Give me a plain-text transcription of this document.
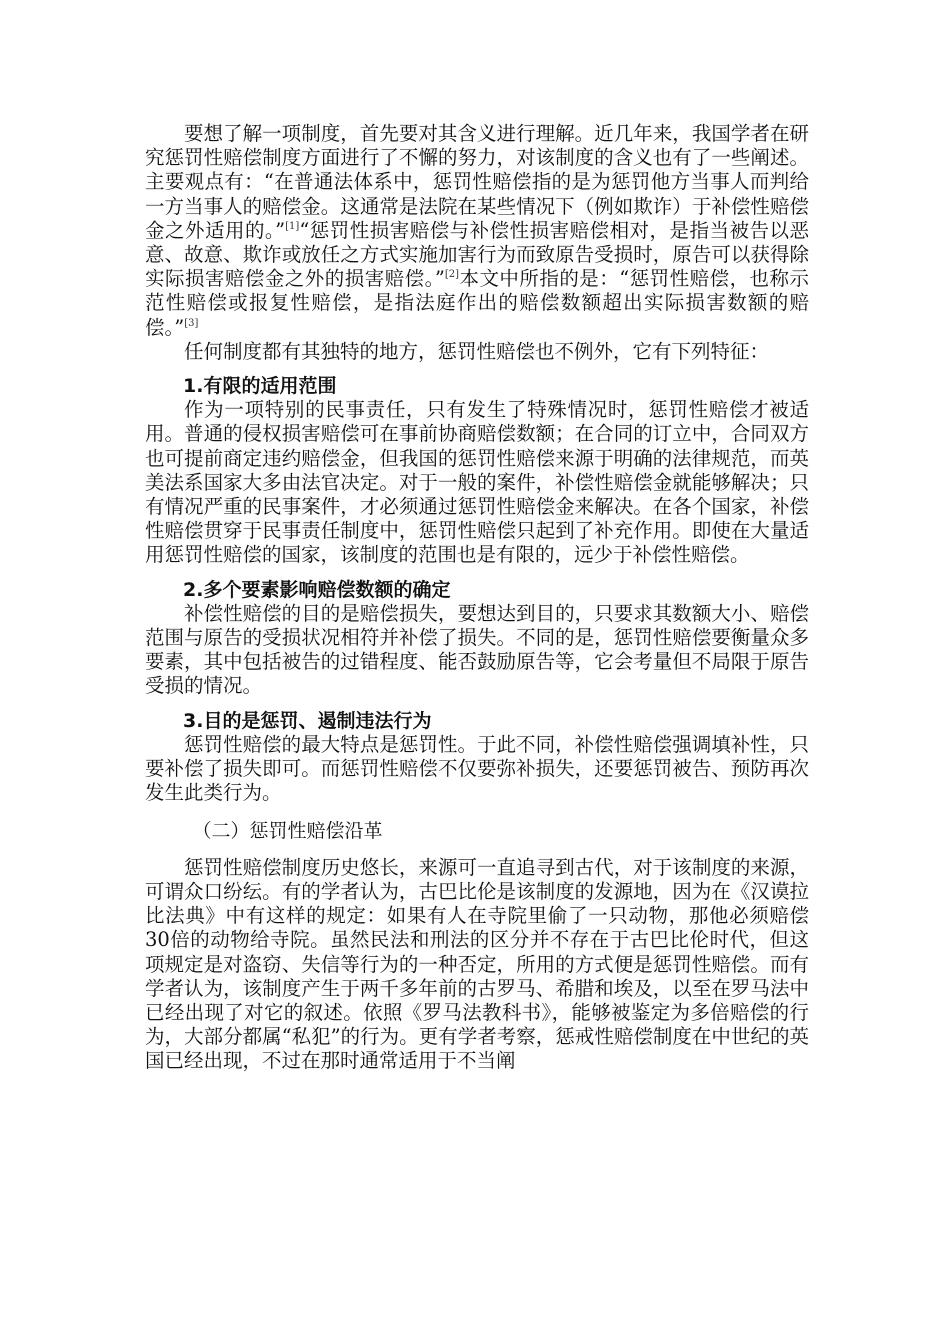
要想了解一项制度，首先要对其含义进行理解。近几年来，我国学者在研究惩罚性赔偿制度方面进行了不懈的努力，对该制度的含义也有了一些阐述。主要观点有：“在普通法体系中，惩罚性赔偿指的是为惩罚他方当事人而判给一方当事人的赔偿金。这通常是法院在某些情况下（例如欺诈）于补偿性赔偿金之外适用的。”[1]“惩罚性损害赔偿与补偿性损害赔偿相对，是指当被告以恶意、故意、欺诈或放任之方式实施加害行为而致原告受损时，原告可以获得除实际损害赔偿金之外的损害赔偿。”[2]本文中所指的是：“惩罚性赔偿，也称示范性赔偿或报复性赔偿，是指法庭作出的赔偿数额超出实际损害数额的赔偿。”[3]

任何制度都有其独特的地方，惩罚性赔偿也不例外，它有下列特征：

1.有限的适用范围

作为一项特别的民事责任，只有发生了特殊情况时，惩罚性赔偿才被适用。普通的侵权损害赔偿可在事前协商赔偿数额；在合同的订立中，合同双方也可提前商定违约赔偿金，但我国的惩罚性赔偿来源于明确的法律规范，而英美法系国家大多由法官决定。对于一般的案件，补偿性赔偿金就能够解决；只有情况严重的民事案件，才必须通过惩罚性赔偿金来解决。在各个国家，补偿性赔偿贯穿于民事责任制度中，惩罚性赔偿只起到了补充作用。即使在大量适用惩罚性赔偿的国家，该制度的范围也是有限的，远少于补偿性赔偿。

2.多个要素影响赔偿数额的确定

补偿性赔偿的目的是赔偿损失，要想达到目的，只要求其数额大小、赔偿范围与原告的受损状况相符并补偿了损失。不同的是，惩罚性赔偿要衡量众多要素，其中包括被告的过错程度、能否鼓励原告等，它会考量但不局限于原告受损的情况。

3.目的是惩罚、遏制违法行为

惩罚性赔偿的最大特点是惩罚性。于此不同，补偿性赔偿强调填补性，只要补偿了损失即可。而惩罚性赔偿不仅要弥补损失，还要惩罚被告、预防再次发生此类行为。

（二）惩罚性赔偿沿革

惩罚性赔偿制度历史悠长，来源可一直追寻到古代，对于该制度的来源，可谓众口纷纭。有的学者认为，古巴比伦是该制度的发源地，因为在《汉谟拉比法典》中有这样的规定：如果有人在寺院里偷了一只动物，那他必须赔偿30倍的动物给寺院。虽然民法和刑法的区分并不存在于古巴比伦时代，但这项规定是对盗窃、失信等行为的一种否定，所用的方式便是惩罚性赔偿。而有学者认为，该制度产生于两千多年前的古罗马、希腊和埃及，以至在罗马法中已经出现了对它的叙述。依照《罗马法教科书》，能够被鉴定为多倍赔偿的行为，大部分都属“私犯”的行为。更有学者考察，惩戒性赔偿制度在中世纪的英国已经出现，不过在那时通常适用于不当阐
